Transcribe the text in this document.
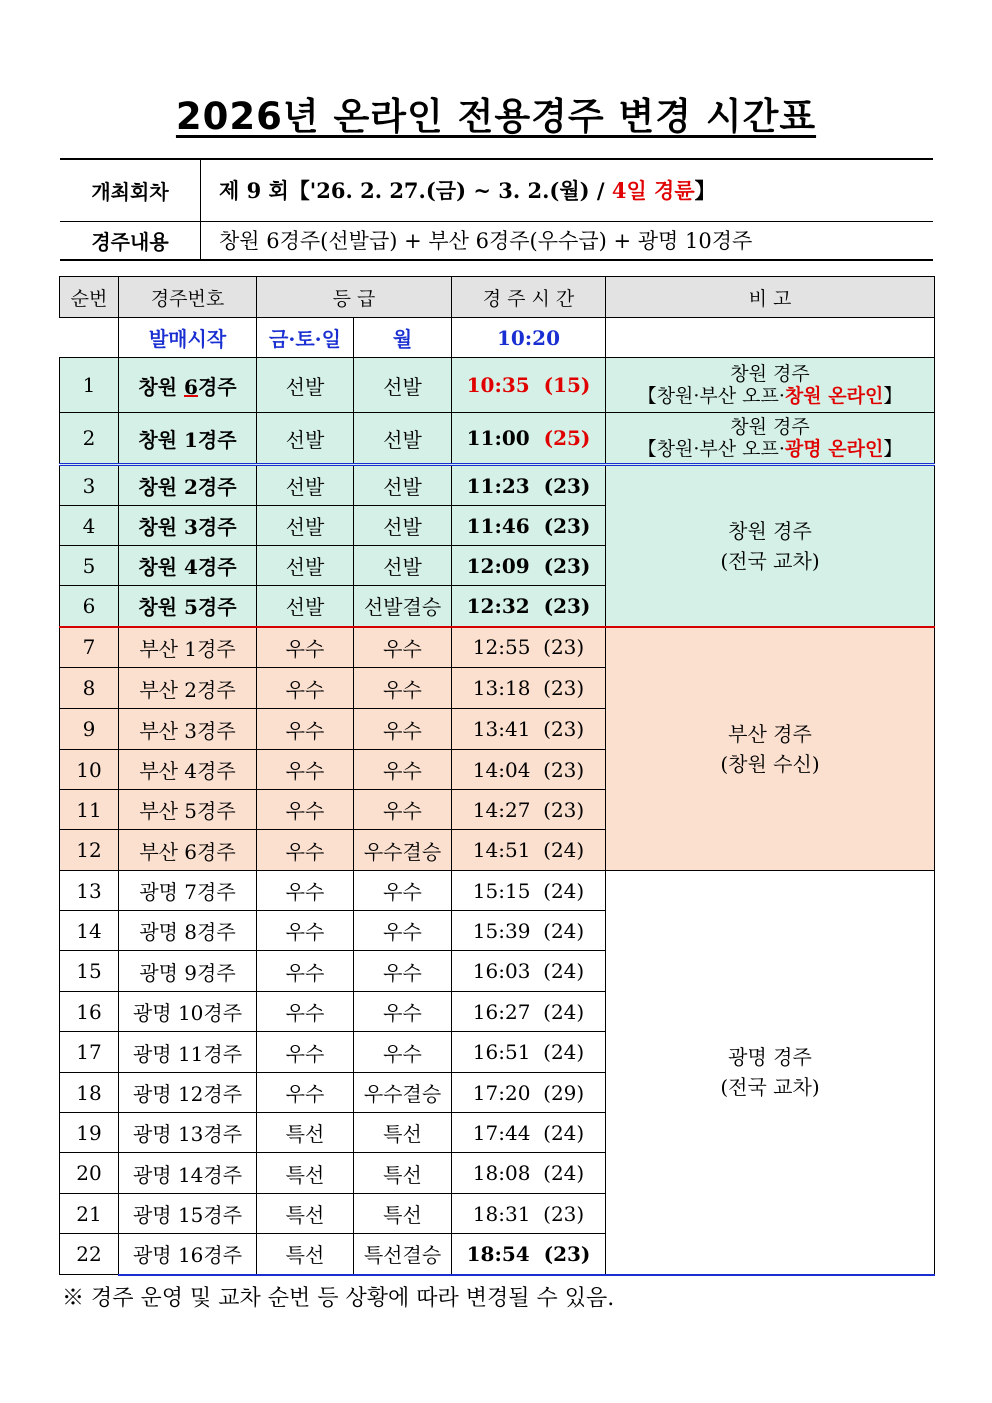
2026년 온라인 전용경주 변경 시간표
개최회차	제 9 회【'26. 2. 27.(금) ~ 3. 2.(월) / 4일 경륜】
경주내용	창원 6경주(선발급) + 부산 6경주(우수급) + 광명 10경주
순번	경주번호	등 급		경 주 시 간	비 고
	발매시작	금·토·일	월	10:20	
1	창원 6경주	선발	선발	10:35 (15)	창원 경주
【창원·부산 오프·창원 온라인】

2	창원 1경주	선발	선발	11:00 (25)	창원 경주
【창원·부산 오프·광명 온라인】

3	창원 2경주	선발	선발	11:23 (23)	창원 경주
(전국 교차)

4	창원 3경주	선발	선발	11:46 (23)	
5	창원 4경주	선발	선발	12:09 (23)	
6	창원 5경주	선발	선발결승	12:32 (23)	
7	부산 1경주	우수	우수	12:55 (23)	부산 경주
(창원 수신)

8	부산 2경주	우수	우수	13:18 (23)	
9	부산 3경주	우수	우수	13:41 (23)	
10	부산 4경주	우수	우수	14:04 (23)	
11	부산 5경주	우수	우수	14:27 (23)	
12	부산 6경주	우수	우수결승	14:51 (24)	
13	광명 7경주	우수	우수	15:15 (24)	광명 경주
(전국 교차)

14	광명 8경주	우수	우수	15:39 (24)	
15	광명 9경주	우수	우수	16:03 (24)	
16	광명 10경주	우수	우수	16:27 (24)	
17	광명 11경주	우수	우수	16:51 (24)	
18	광명 12경주	우수	우수결승	17:20 (29)	
19	광명 13경주	특선	특선	17:44 (24)	
20	광명 14경주	특선	특선	18:08 (24)	
21	광명 15경주	특선	특선	18:31 (23)	
22	광명 16경주	특선	특선결승	18:54 (23)	
※ 경주 운영 및 교차 순번 등 상황에 따라 변경될 수 있음.
